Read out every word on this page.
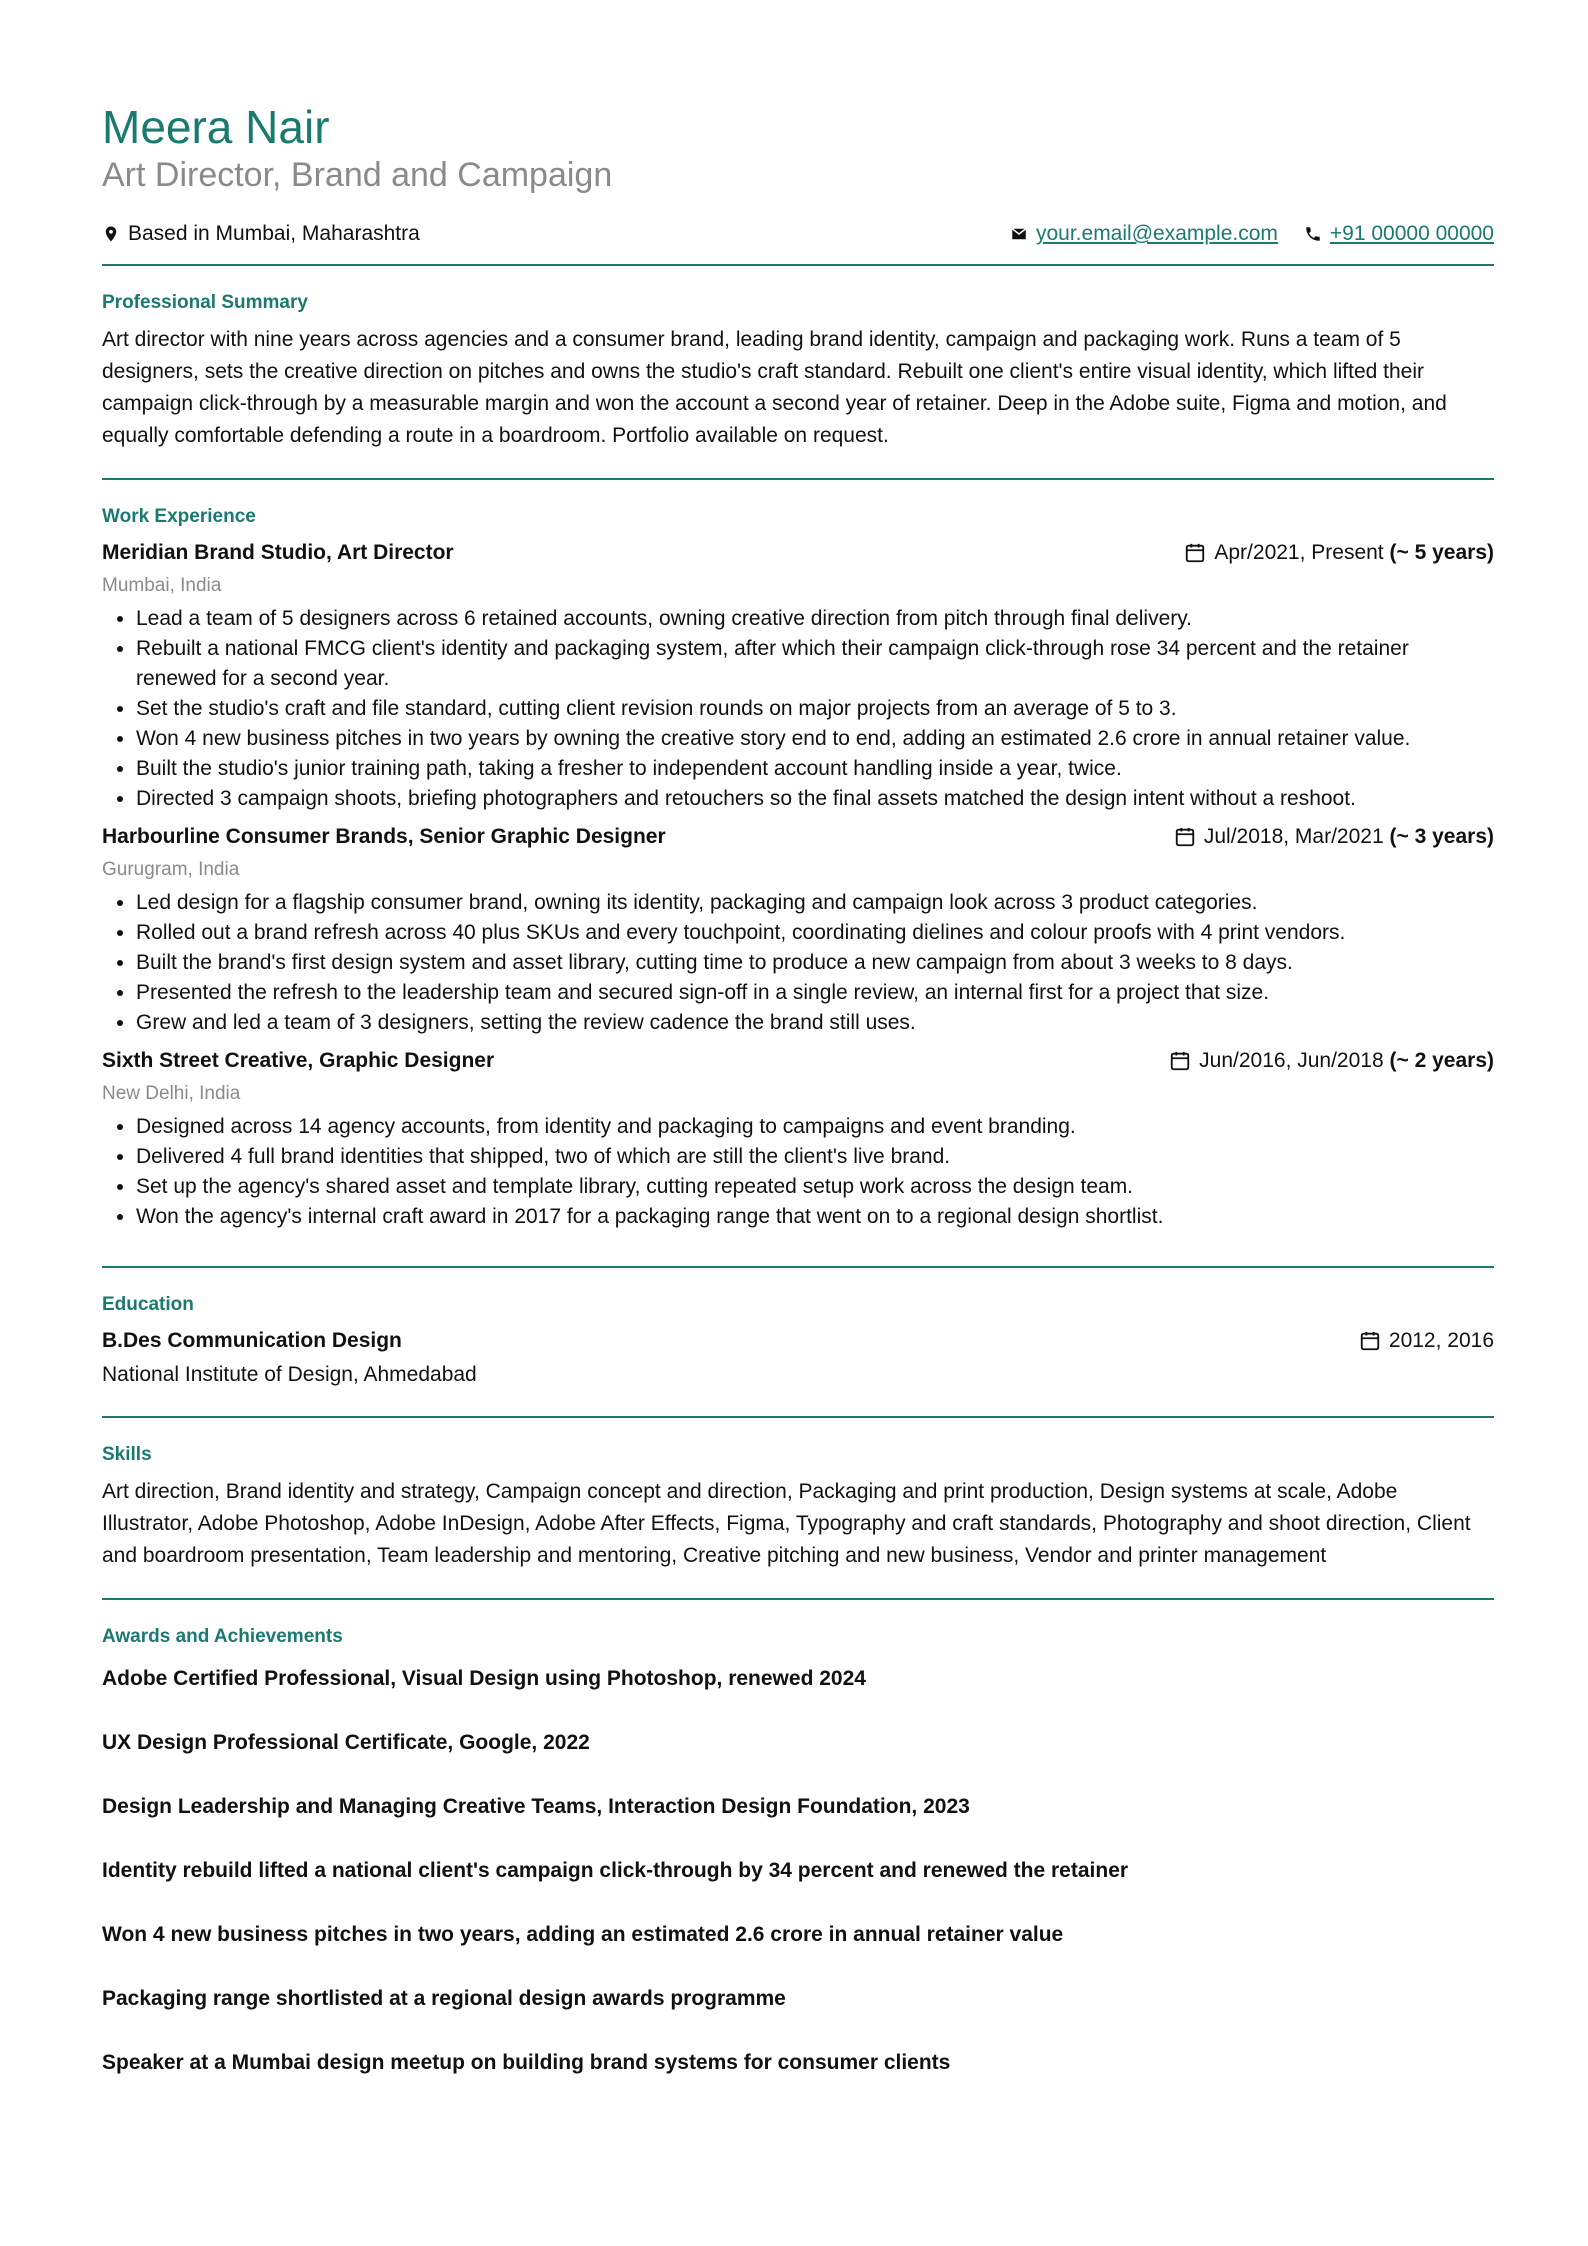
Meera Nair
Art Director, Brand and Campaign
Based in Mumbai, Maharashtra	your.email@example.com +91 00000 00000
Professional Summary

Art director with nine years across agencies and a consumer brand, leading brand identity, campaign and packaging work. Runs a team of 5 designers, sets the creative direction on pitches and owns the studio's craft standard. Rebuilt one client's entire visual identity, which lifted their campaign click-through by a measurable margin and won the account a second year of retainer. Deep in the Adobe suite, Figma and motion, and equally comfortable defending a route in a boardroom. Portfolio available on request.

Work Experience
Meridian Brand Studio, Art Director	Apr/2021, Present
(~ 5 years)
Mumbai, India
• Lead a team of 5 designers across 6 retained accounts, owning creative direction from pitch through final delivery.
• Rebuilt a national FMCG client's identity and packaging system, after which their campaign click-through rose 34 percent and the retainer renewed for a second year.
• Set the studio's craft and file standard, cutting client revision rounds on major projects from an average of 5 to 3.
• Won 4 new business pitches in two years by owning the creative story end to end, adding an estimated 2.6 crore in annual retainer value.
• Built the studio's junior training path, taking a fresher to independent account handling inside a year, twice.
• Directed 3 campaign shoots, briefing photographers and retouchers so the final assets matched the design intent without a reshoot.
Harbourline Consumer Brands, Senior Graphic Designer	Jul/2018, Mar/2021
(~ 3 years)
Gurugram, India
• Led design for a flagship consumer brand, owning its identity, packaging and campaign look across 3 product categories.
• Rolled out a brand refresh across 40 plus SKUs and every touchpoint, coordinating dielines and colour proofs with 4 print vendors.
• Built the brand's first design system and asset library, cutting time to produce a new campaign from about 3 weeks to 8 days.
• Presented the refresh to the leadership team and secured sign-off in a single review, an internal first for a project that size.
• Grew and led a team of 3 designers, setting the review cadence the brand still uses.
Sixth Street Creative, Graphic Designer	Jun/2016, Jun/2018
(~ 2 years)
New Delhi, India
• Designed across 14 agency accounts, from identity and packaging to campaigns and event branding.
• Delivered 4 full brand identities that shipped, two of which are still the client's live brand.
• Set up the agency's shared asset and template library, cutting repeated setup work across the design team.
• Won the agency's internal craft award in 2017 for a packaging range that went on to a regional design shortlist.
Education
B.Des Communication Design	2012, 2016
National Institute of Design, Ahmedabad
Skills

Art direction, Brand identity and strategy, Campaign concept and direction, Packaging and print production, Design systems at scale, Adobe Illustrator, Adobe Photoshop, Adobe InDesign, Adobe After Effects, Figma, Typography and craft standards, Photography and shoot direction, Client and boardroom presentation, Team leadership and mentoring, Creative pitching and new business, Vendor and printer management

Awards and Achievements
Adobe Certified Professional, Visual Design using Photoshop, renewed 2024
UX Design Professional Certificate, Google, 2022
Design Leadership and Managing Creative Teams, Interaction Design Foundation, 2023
Identity rebuild lifted a national client's campaign click-through by 34 percent and renewed the retainer
Won 4 new business pitches in two years, adding an estimated 2.6 crore in annual retainer value
Packaging range shortlisted at a regional design awards programme
Speaker at a Mumbai design meetup on building brand systems for consumer clients
